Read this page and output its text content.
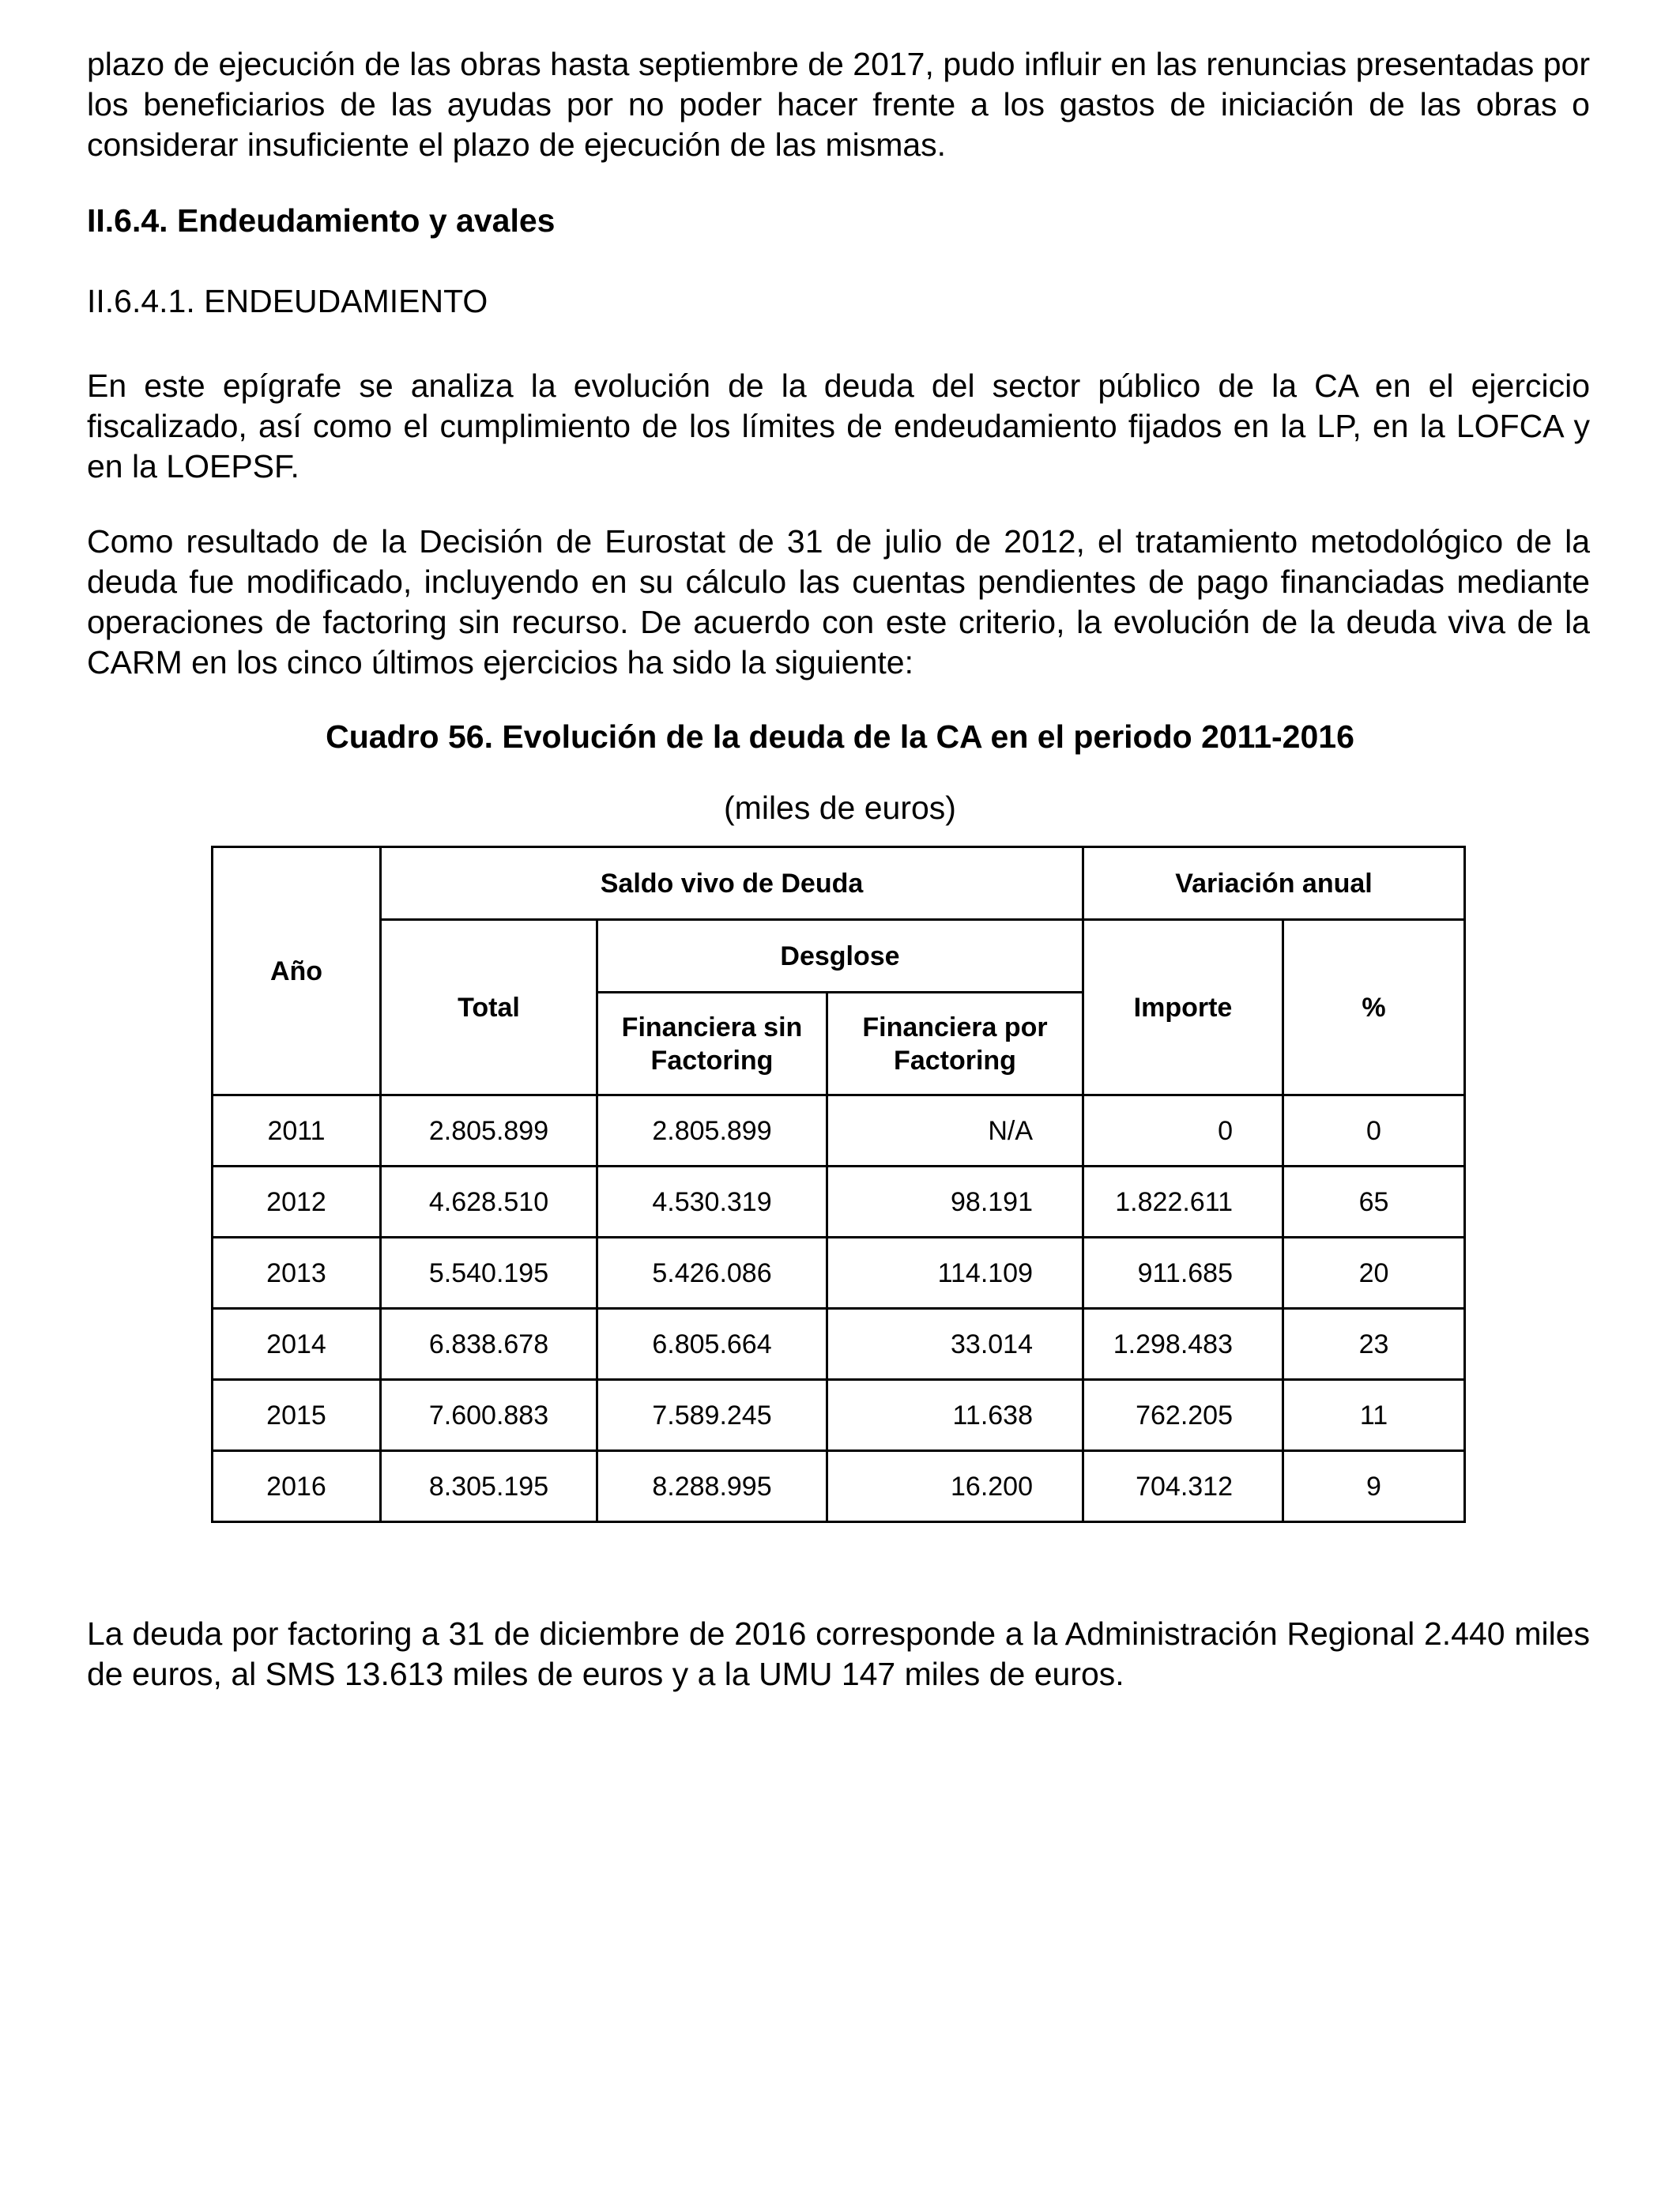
plazo de ejecución de las obras hasta septiembre de 2017, pudo influir en las renuncias presentadas por los beneficiarios de las ayudas por no poder hacer frente a los gastos de iniciación de las obras o considerar insuficiente el plazo de ejecución de las mismas.

II.6.4. Endeudamiento y avales
II.6.4.1. ENDEUDAMIENTO

En este epígrafe se analiza la evolución de la deuda del sector público de la CA en el ejercicio fiscalizado, así como el cumplimiento de los límites de endeudamiento fijados en la LP, en la LOFCA y en la LOEPSF.

Como resultado de la Decisión de Eurostat de 31 de julio de 2012, el tratamiento metodológico de la deuda fue modificado, incluyendo en su cálculo las cuentas pendientes de pago financiadas mediante operaciones de factoring sin recurso. De acuerdo con este criterio, la evolución de la deuda viva de la CARM en los cinco últimos ejercicios ha sido la siguiente:

Cuadro 56. Evolución de la deuda de la CA en el periodo 2011-2016

(miles de euros)

Año	Saldo vivo de Deuda			Variación anual	
	Total	Desglose		Importe	%
		Financiera sin Factoring	Financiera por Factoring		
2011	2.805.899	2.805.899	N/A	0	0
2012	4.628.510	4.530.319	98.191	1.822.611	65
2013	5.540.195	5.426.086	114.109	911.685	20
2014	6.838.678	6.805.664	33.014	1.298.483	23
2015	7.600.883	7.589.245	11.638	762.205	11
2016	8.305.195	8.288.995	16.200	704.312	9

La deuda por factoring a 31 de diciembre de 2016 corresponde a la Administración Regional 2.440 miles de euros, al SMS 13.613 miles de euros y a la UMU 147 miles de euros.
